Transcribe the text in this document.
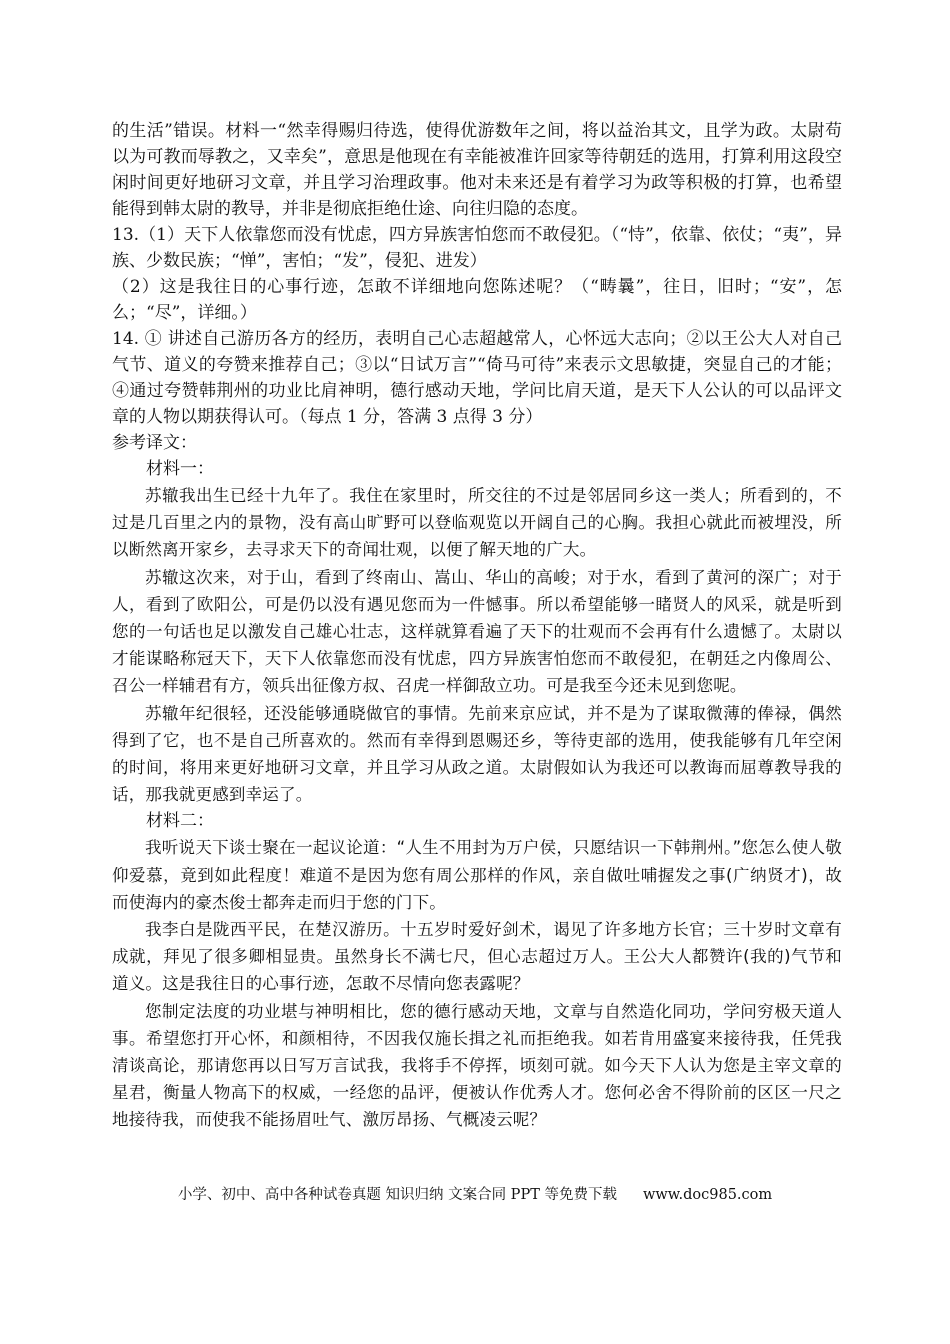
的生活”错误。材料一“然幸得赐归待选，使得优游数年之间，将以益治其文，且学为政。太尉苟以为可教而辱教之，又幸矣”，意思是他现在有幸能被准许回家等待朝廷的选用，打算利用这段空闲时间更好地研习文章，并且学习治理政事。他对未来还是有着学习为政等积极的打算，也希望能得到韩太尉的教导，并非是彻底拒绝仕途、向往归隐的态度。

13.（1）天下人依靠您而没有忧虑，四方异族害怕您而不敢侵犯。（“恃”，依靠、依仗；“夷”，异族、少数民族；“惮”，害怕；“发”，侵犯、进发）

（2）这是我往日的心事行迹，怎敢不详细地向您陈述呢？（“畴曩”，往日，旧时；“安”，怎么；“尽”，详细。）

14. ① 讲述自己游历各方的经历，表明自己心志超越常人，心怀远大志向；②以王公大人对自己气节、道义的夸赞来推荐自己；③以“日试万言”“倚马可待”来表示文思敏捷，突显自己的才能；④通过夸赞韩荆州的功业比肩神明，德行感动天地，学问比肩天道，是天下人公认的可以品评文章的人物以期获得认可。（每点 1 分，答满 3 点得 3 分）

参考译文：

材料一：

苏辙我出生已经十九年了。我住在家里时，所交往的不过是邻居同乡这一类人；所看到的，不过是几百里之内的景物，没有高山旷野可以登临观览以开阔自己的心胸。我担心就此而被埋没，所以断然离开家乡，去寻求天下的奇闻壮观，以便了解天地的广大。

苏辙这次来，对于山，看到了终南山、嵩山、华山的高峻；对于水，看到了黄河的深广；对于人，看到了欧阳公，可是仍以没有遇见您而为一件憾事。所以希望能够一睹贤人的风采，就是听到您的一句话也足以激发自己雄心壮志，这样就算看遍了天下的壮观而不会再有什么遗憾了。太尉以才能谋略称冠天下，天下人依靠您而没有忧虑，四方异族害怕您而不敢侵犯，在朝廷之内像周公、召公一样辅君有方，领兵出征像方叔、召虎一样御敌立功。可是我至今还未见到您呢。

苏辙年纪很轻，还没能够通晓做官的事情。先前来京应试，并不是为了谋取微薄的俸禄，偶然得到了它，也不是自己所喜欢的。然而有幸得到恩赐还乡，等待吏部的选用，使我能够有几年空闲的时间，将用来更好地研习文章，并且学习从政之道。太尉假如认为我还可以教诲而屈尊教导我的话，那我就更感到幸运了。

材料二：

我听说天下谈士聚在一起议论道：“人生不用封为万户侯，只愿结识一下韩荆州。”您怎么使人敬仰爱慕，竟到如此程度！难道不是因为您有周公那样的作风，亲自做吐哺握发之事(广纳贤才)，故而使海内的豪杰俊士都奔走而归于您的门下。

我李白是陇西平民，在楚汉游历。十五岁时爱好剑术，谒见了许多地方长官；三十岁时文章有成就，拜见了很多卿相显贵。虽然身长不满七尺，但心志超过万人。王公大人都赞许(我的)气节和道义。这是我往日的心事行迹，怎敢不尽情向您表露呢？

您制定法度的功业堪与神明相比，您的德行感动天地，文章与自然造化同功，学问穷极天道人事。希望您打开心怀，和颜相待，不因我仅施长揖之礼而拒绝我。如若肯用盛宴来接待我，任凭我清谈高论，那请您再以日写万言试我，我将手不停挥，顷刻可就。如今天下人认为您是主宰文章的星君，衡量人物高下的权威，一经您的品评，便被认作优秀人才。您何必舍不得阶前的区区一尺之地接待我，而使我不能扬眉吐气、激厉昂扬、气概凌云呢？

小学、初中、高中各种试卷真题 知识归纳 文案合同 PPT 等免费下载 www.doc985.com
